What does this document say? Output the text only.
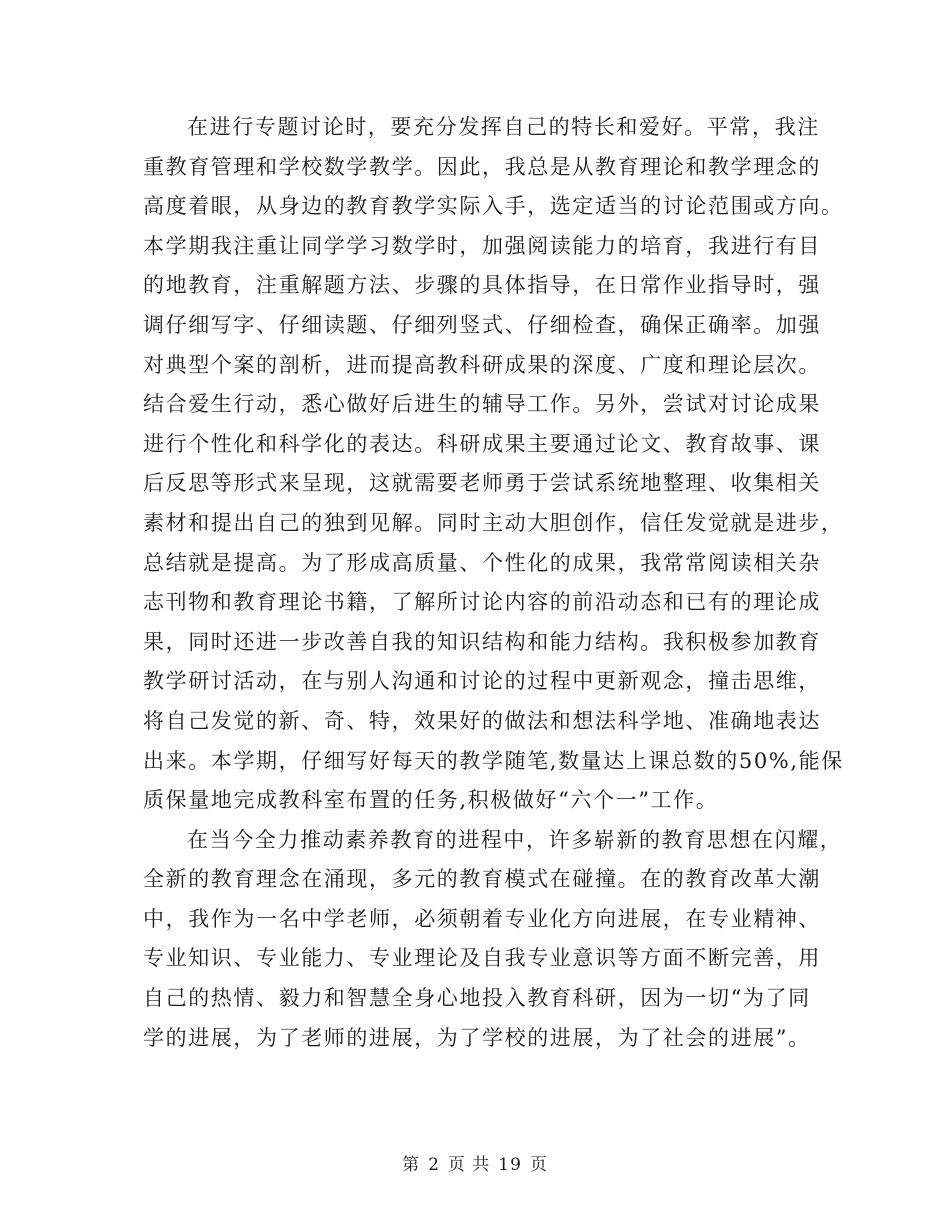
在进行专题讨论时，要充分发挥自己的特长和爱好。平常，我注
重教育管理和学校数学教学。因此，我总是从教育理论和教学理念的
高度着眼，从身边的教育教学实际入手，选定适当的讨论范围或方向。
本学期我注重让同学学习数学时，加强阅读能力的培育，我进行有目
的地教育，注重解题方法、步骤的具体指导，在日常作业指导时，强
调仔细写字、仔细读题、仔细列竖式、仔细检查，确保正确率。加强
对典型个案的剖析，进而提高教科研成果的深度、广度和理论层次。
结合爱生行动，悉心做好后进生的辅导工作。另外，尝试对讨论成果
进行个性化和科学化的表达。科研成果主要通过论文、教育故事、课
后反思等形式来呈现，这就需要老师勇于尝试系统地整理、收集相关
素材和提出自己的独到见解。同时主动大胆创作，信任发觉就是进步，
总结就是提高。为了形成高质量、个性化的成果，我常常阅读相关杂
志刊物和教育理论书籍，了解所讨论内容的前沿动态和已有的理论成
果，同时还进一步改善自我的知识结构和能力结构。我积极参加教育
教学研讨活动，在与别人沟通和讨论的过程中更新观念，撞击思维，
将自己发觉的新、奇、特，效果好的做法和想法科学地、准确地表达
出来。本学期，仔细写好每天的教学随笔,数量达上课总数的50%,能保
质保量地完成教科室布置的任务,积极做好“六个一”工作。
在当今全力推动素养教育的进程中，许多崭新的教育思想在闪耀，
全新的教育理念在涌现，多元的教育模式在碰撞。在的教育改革大潮
中，我作为一名中学老师，必须朝着专业化方向进展，在专业精神、
专业知识、专业能力、专业理论及自我专业意识等方面不断完善，用
自己的热情、毅力和智慧全身心地投入教育科研，因为一切“为了同
学的进展，为了老师的进展，为了学校的进展，为了社会的进展”。
第 2 页 共 19 页
